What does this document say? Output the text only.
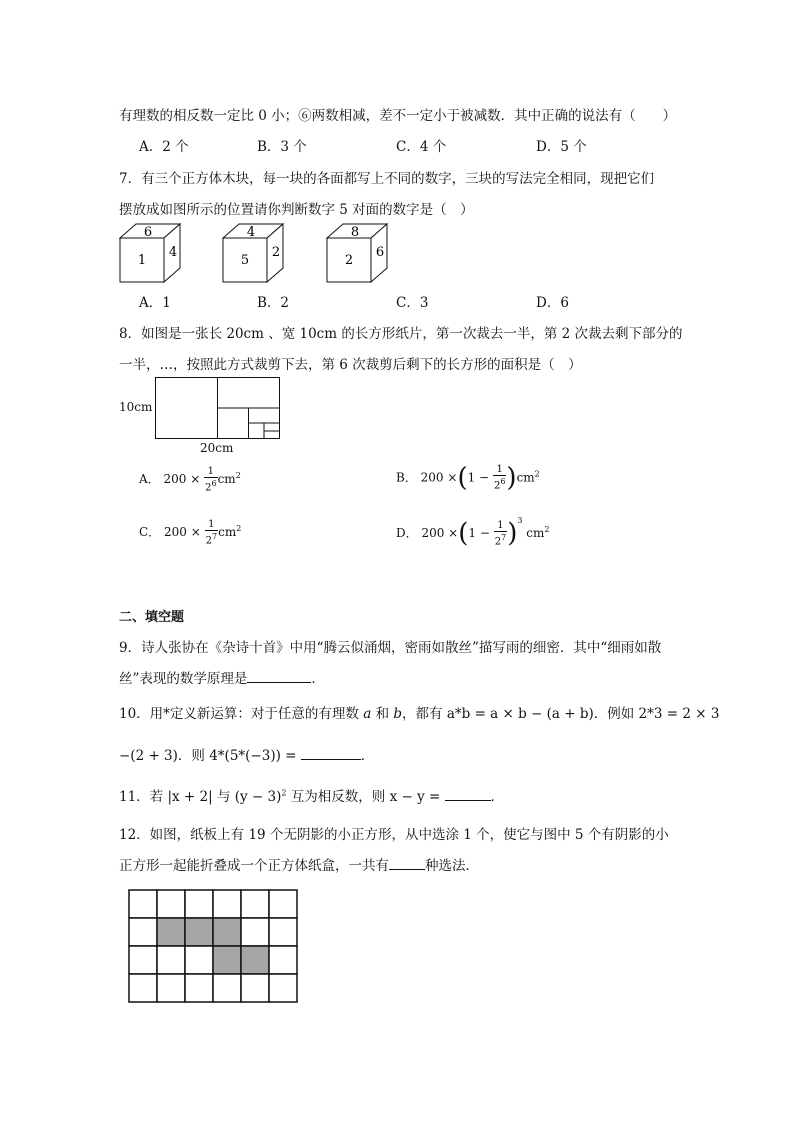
有理数的相反数一定比 0 小；⑥两数相减，差不一定小于被减数．其中正确的说法有（　　）
A．2 个	B．3 个	C．4 个	D．5 个
7．有三个正方体木块，每一块的各面都写上不同的数字，三块的写法完全相同，现把它们
摆放成如图所示的位置请你判断数字 5 对面的数字是（　）
6
1
4
4
5
2
8
2
6
A．1	B．2	C．3	D．6
8．如图是一张长 20cm 、宽 10cm 的长方形纸片，第一次裁去一半，第 2 次裁去剩下部分的
一半，…，按照此方式裁剪下去，第 6 次裁剪后剩下的长方形的面积是（　）
10cm
20cm
A． $200 \times \frac{1}{2^6} cm^2$	B． $200 \times(1 - \frac{1}{2^6} )cm^2$
C． $200 \times \frac{1}{2^7} cm^2$	D． $200 \times(1 - \frac{1}{2^7} )^3$ $cm^2$
二、填空题
9．诗人张协在《杂诗十首》中用“腾云似涌烟，密雨如散丝”描写雨的细密．其中“细雨如散
丝”表现的数学原理是	．
10．用*定义新运算：对于任意的有理数 a 和 b，都有 a*b = a × b − (a + b)．例如 2*3 = 2 × 3
−(2 + 3)．则 4*(5*(−3)) =	．
11．若 |x + 2| 与 $(y - 3)^2$ 互为相反数，则 x − y =	．
12．如图，纸板上有 19 个无阴影的小正方形，从中选涂 1 个，使它与图中 5 个有阴影的小
正方形一起能折叠成一个正方体纸盒，一共有	种选法．
